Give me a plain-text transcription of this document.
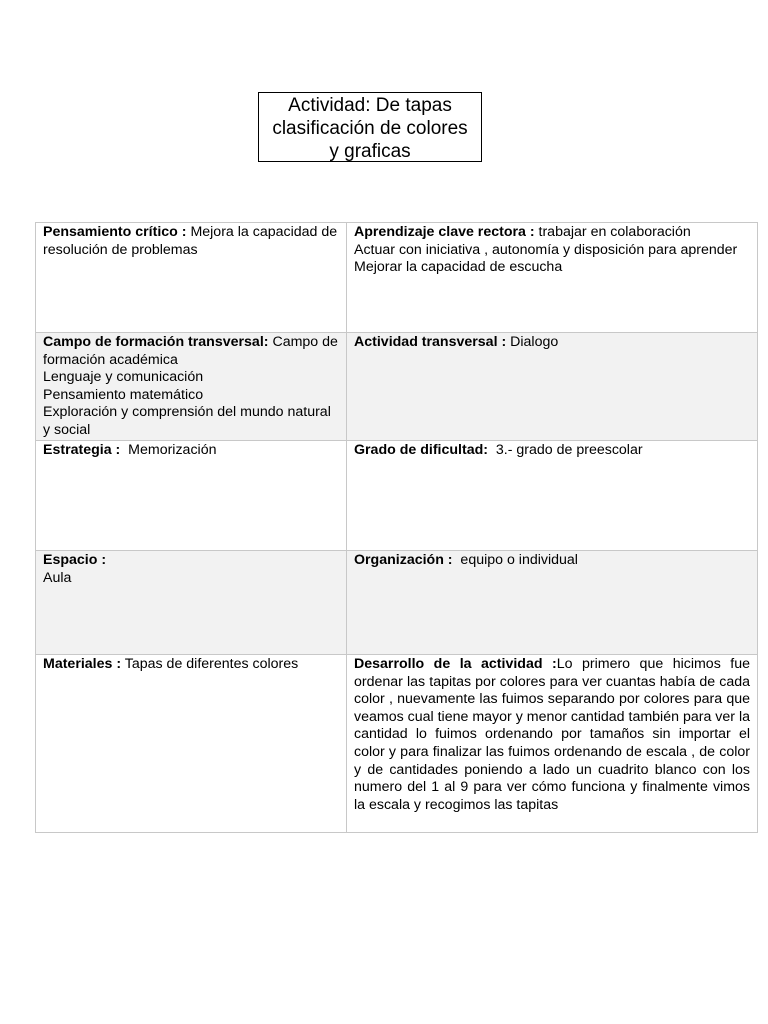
Actividad: De tapas
clasificación de colores
y graficas
Pensamiento crítico : Mejora la capacidad de resolución de problemas	Aprendizaje clave rectora : trabajar en colaboración
Actuar con iniciativa , autonomía y disposición para aprender
Mejorar la capacidad de escucha

Campo de formación transversal: Campo de formación académica
Lenguaje y comunicación
Pensamiento matemático
Exploración y comprensión del mundo natural y social	Actividad transversal : Dialogo
Estrategia :  Memorización	Grado de dificultad:  3.- grado de preescolar

Espacio :
Aula	Organización :  equipo o individual
Materiales : Tapas de diferentes colores	Desarrollo de la actividad :Lo primero que hicimos fue ordenar las tapitas por colores para ver cuantas había de cada color , nuevamente las fuimos separando por colores para que veamos cual tiene mayor y menor cantidad también para ver la cantidad lo fuimos ordenando por tamaños sin importar el color y para finalizar las fuimos ordenando de escala , de color y de cantidades poniendo a lado un cuadrito blanco con los numero del 1 al 9 para ver cómo funciona y finalmente vimos la escala y recogimos las tapitas
